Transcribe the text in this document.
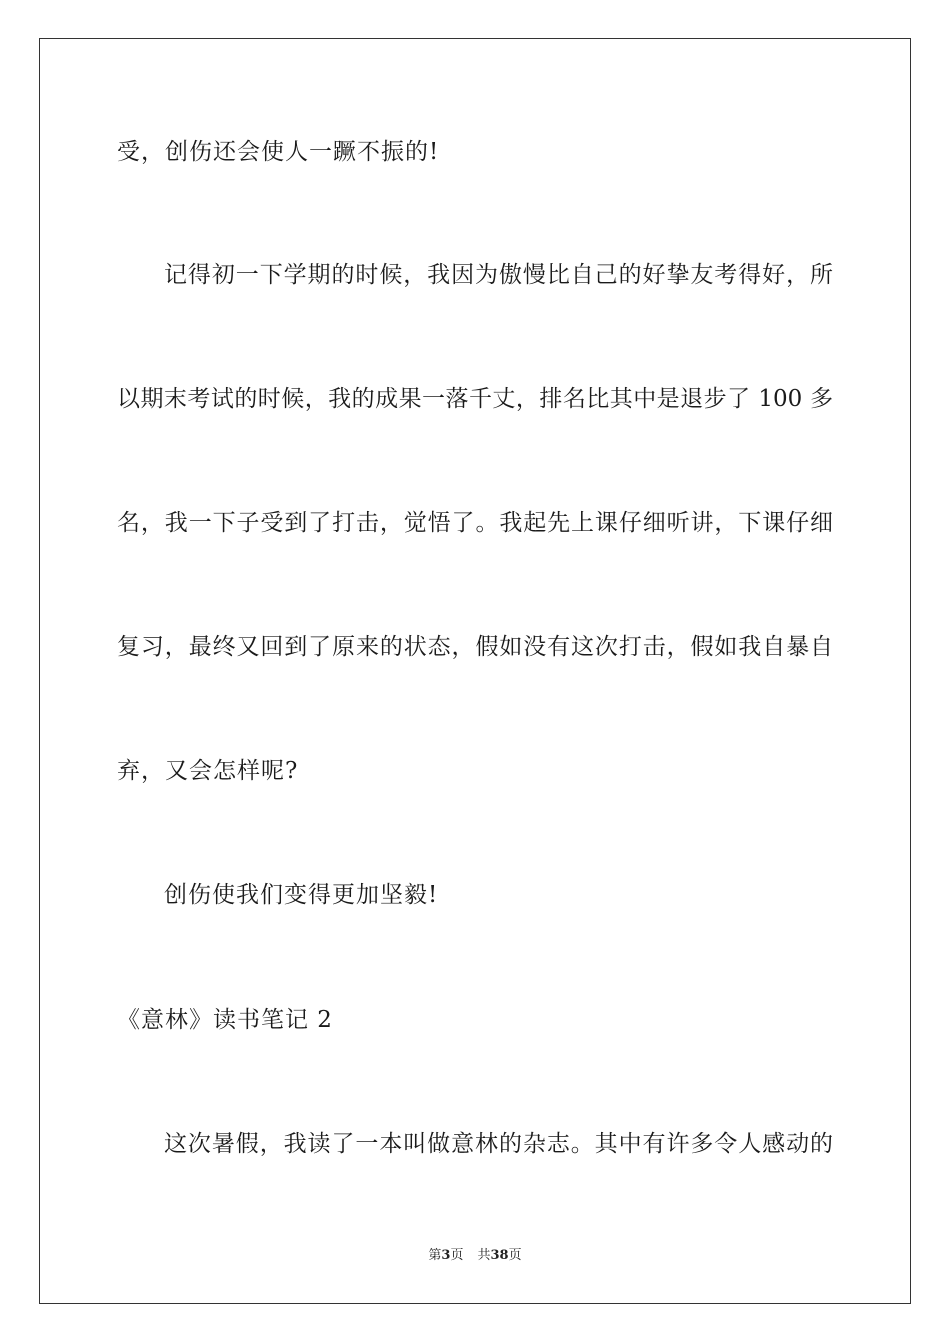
受，创伤还会使人一蹶不振的!
记得初一下学期的时候，我因为傲慢比自己的好挚友考得好，所
以期末考试的时候，我的成果一落千丈，排名比其中是退步了 100 多
名，我一下子受到了打击，觉悟了。我起先上课仔细听讲，下课仔细
复习，最终又回到了原来的状态，假如没有这次打击，假如我自暴自
弃，又会怎样呢?
创伤使我们变得更加坚毅!
《意林》读书笔记 2
这次暑假，我读了一本叫做意林的杂志。其中有许多令人感动的
第3页 共38页
